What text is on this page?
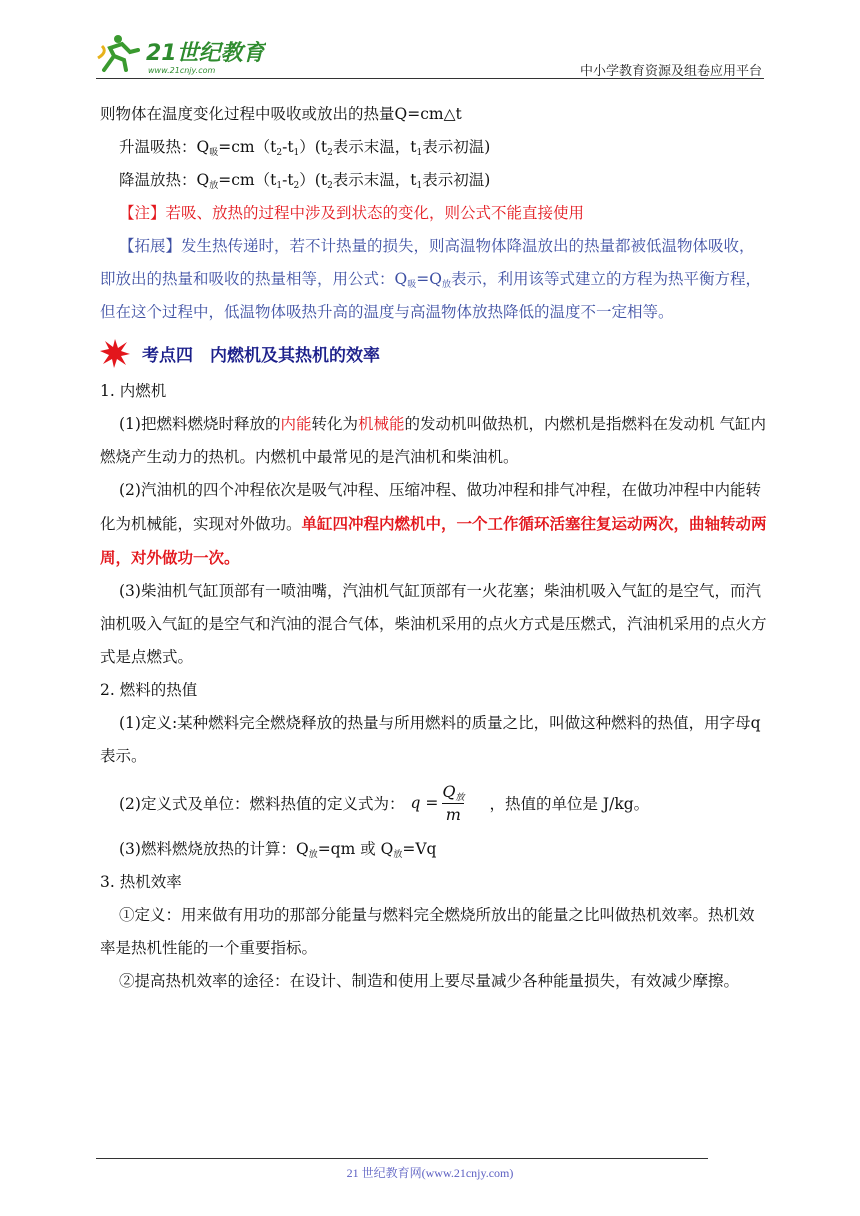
21世纪教育
www.21cnjy.com	中小学教育资源及组卷应用平台

则物体在温度变化过程中吸收或放出的热量Q=cm△t

升温吸热：$Q_吸=cm(t_2-t_1)(t_2$表示末温，$t_1$表示初温)

降温放热：$Q_放=cm(t_1-t_2)(t_2$表示末温，$t_1$表示初温)

【注】若吸、放热的过程中涉及到状态的变化，则公式不能直接使用

【拓展】发生热传递时，若不计热量的损失，则高温物体降温放出的热量都被低温物体吸收，即放出的热量和吸收的热量相等，用公式：$Q_吸=Q_放$表示，利用该等式建立的方程为热平衡方程，但在这个过程中，低温物体吸热升高的温度与高温物体放热降低的温度不一定相等。

考点四　内燃机及其热机的效率

1. 内燃机

(1)把燃料燃烧时释放的内能转化为机械能的发动机叫做热机，内燃机是指燃料在发动机 气缸内燃烧产生动力的热机。内燃机中最常见的是汽油机和柴油机。

(2)汽油机的四个冲程依次是吸气冲程、压缩冲程、做功冲程和排气冲程，在做功冲程中内能转化为机械能，实现对外做功。单缸四冲程内燃机中，一个工作循环活塞往复运动两次，曲轴转动两周，对外做功一次。

(3)柴油机气缸顶部有一喷油嘴，汽油机气缸顶部有一火花塞；柴油机吸入气缸的是空气，而汽油机吸入气缸的是空气和汽油的混合气体，柴油机采用的点火方式是压燃式，汽油机采用的点火方式是点燃式。

2. 燃料的热值

(1)定义:某种燃料完全燃烧释放的热量与所用燃料的质量之比，叫做这种燃料的热值，用字母q表示。

(2)定义式及单位：燃料热值的定义式为： $q = \frac{Q_放}{m}$	，热值的单位是 J/kg。

(3)燃料燃烧放热的计算：$Q_放=qm$ 或 $Q_放=Vq$

3. 热机效率

①定义：用来做有用功的那部分能量与燃料完全燃烧所放出的能量之比叫做热机效率。热机效率是热机性能的一个重要指标。

②提高热机效率的途径：在设计、制造和使用上要尽量减少各种能量损失，有效减少摩擦。

21 世纪教育网(www.21cnjy.com)
